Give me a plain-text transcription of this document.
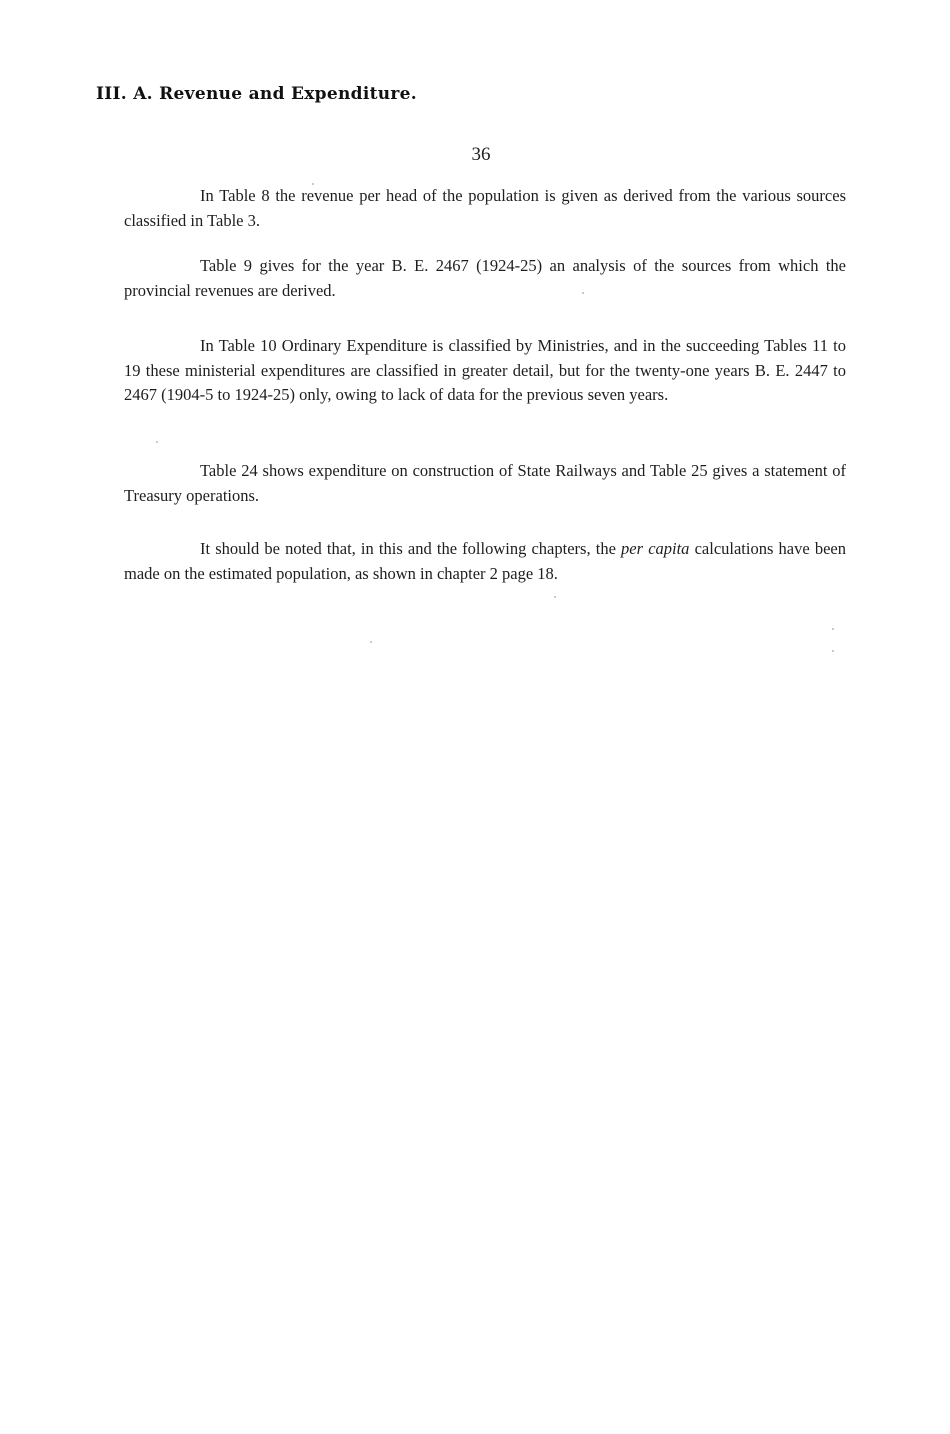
III. A. Revenue and Expenditure.
36

In Table 8 the revenue per head of the population is given as derived from the various sources classified in Table 3.

Table 9 gives for the year B. E. 2467 (1924-25) an analysis of the sources from which the provincial revenues are derived.

In Table 10 Ordinary Expenditure is classified by Ministries, and in the succeeding Tables 11 to 19 these ministerial expenditures are classified in greater detail, but for the twenty-one years B. E. 2447 to 2467 (1904-5 to 1924-25) only, owing to lack of data for the previous seven years.

Table 24 shows expenditure on construction of State Railways and Table 25 gives a statement of Treasury operations.

It should be noted that, in this and the following chapters, the per capita calculations have been made on the estimated population, as shown in chapter 2 page 18.
